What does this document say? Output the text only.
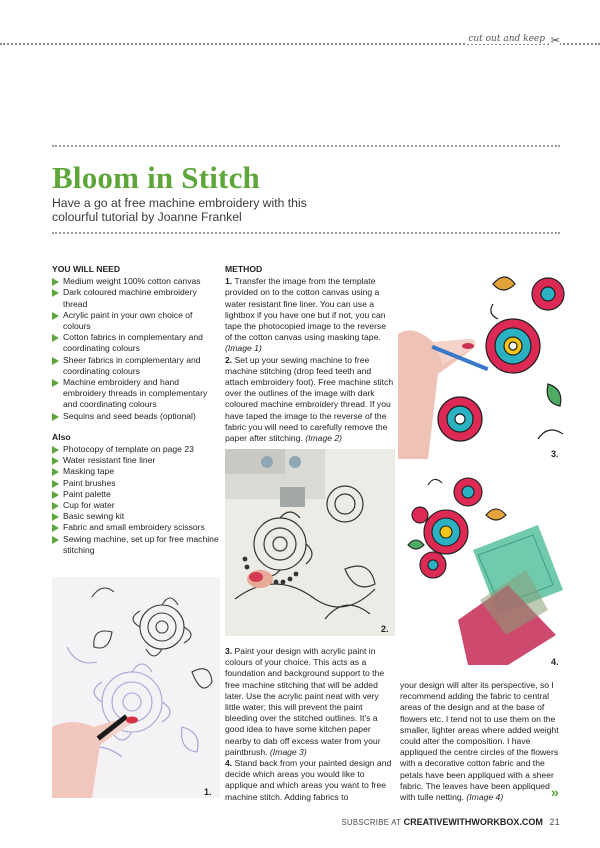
cut out and keep ✂
Bloom in Stitch

Have a go at free machine embroidery with this colourful tutorial by Joanne Frankel

YOU WILL NEED
Medium weight 100% cotton canvas
Dark coloured machine embroidery thread
Acrylic paint in your own choice of colours
Cotton fabrics in complementary and coordinating colours
Sheer fabrics in complementary and coordinating colours
Machine embroidery and hand embroidery threads in complementary and coordinating colours
Sequins and seed beads (optional)
Also
Photocopy of template on page 23
Water resistant fine liner
Masking tape
Paint brushes
Paint palette
Cup for water
Basic sewing kit
Fabric and small embroidery scissors
Sewing machine, set up for free machine stitching
METHOD

1. Transfer the image from the template provided on to the cotton canvas using a water resistant fine liner. You can use a lightbox if you have one but if not, you can tape the photocopied image to the reverse of the cotton canvas using masking tape. (Image 1)

2. Set up your sewing machine to free machine stitching (drop feed teeth and attach embroidery foot). Free machine stitch over the outlines of the image with dark coloured machine embroidery thread. If you have taped the image to the reverse of the fabric you will need to carefully remove the paper after stitching. (Image 2)

3. Paint your design with acrylic paint in colours of your choice. This acts as a foundation and background support to the free machine stitching that will be added later. Use the acrylic paint neat with very little water; this will prevent the paint bleeding over the stitched outlines. It's a good idea to have some kitchen paper nearby to dab off excess water from your paintbrush. (Image 3)

4. Stand back from your painted design and decide which areas you would like to applique and which areas you want to free machine stitch. Adding fabrics to

your design will alter its perspective, so I recommend adding the fabric to central areas of the design and at the base of flowers etc. I tend not to use them on the smaller, lighter areas where added weight could alter the composition. I have appliqued the centre circles of the flowers with a decorative cotton fabric and the petals have been appliqued with a sheer fabric. The leaves have been appliqued with tulle netting. (Image 4)

1.
2.
3.
4.
»
SUBSCRIBE AT CREATIVEWITHWORKBOX.COM 21
